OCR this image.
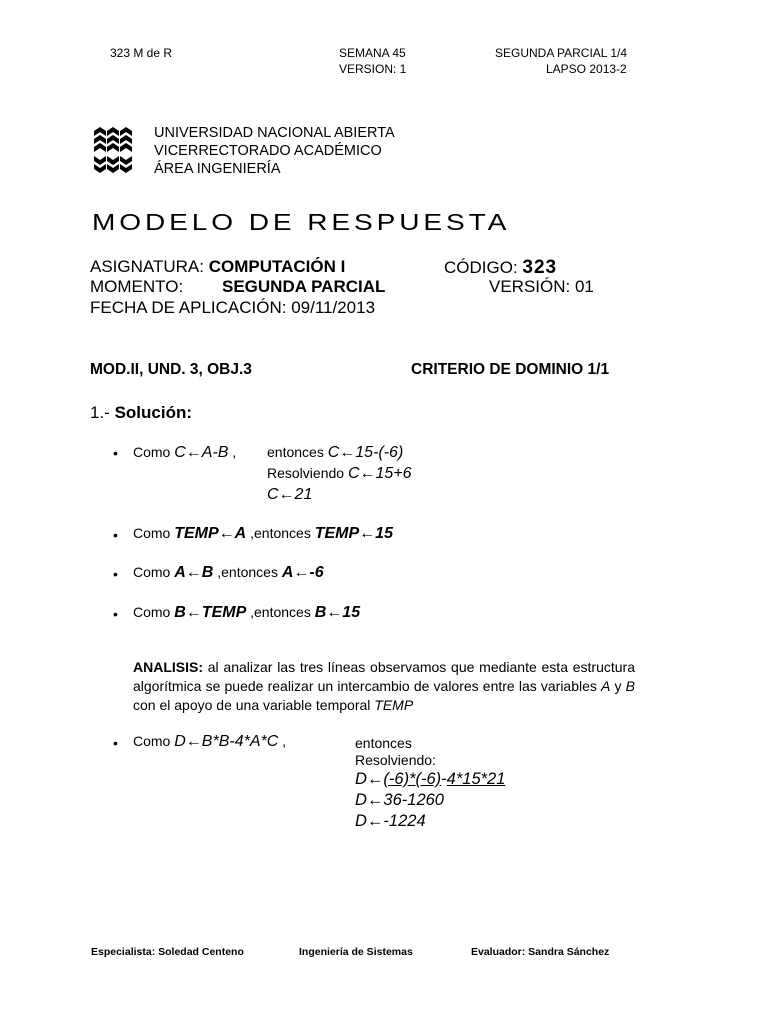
323 M de R	SEMANA 45
VERSION: 1
SEGUNDA PARCIAL 1/4
LAPSO 2013-2
UNIVERSIDAD NACIONAL ABIERTA
VICERRECTORADO ACADÉMICO
ÁREA INGENIERÍA
MODELO DE RESPUESTA
ASIGNATURA: COMPUTACIÓN I	CÓDIGO: 323
MOMENTO: SEGUNDA PARCIAL	VERSIÓN: 01
FECHA DE APLICACIÓN: 09/11/2013
MOD.II, UND. 3, OBJ.3	CRITERIO DE DOMINIO 1/1
1.- Solución:
• Como C←A-B , entonces C←15-(-6)
Resolviendo C←15+6
C←21
• Como TEMP←A ,entonces TEMP←15
• Como A←B ,entonces A←-6
• Como B←TEMP ,entonces B←15
ANALISIS: al analizar las tres líneas observamos que mediante esta estructura algorítmica se puede realizar un intercambio de valores entre las variables A y B con el apoyo de una variable temporal TEMP
• Como D←B*B-4*A*C ,	entonces
Resolviendo:
D←(-6)*(-6)-4*15*21
D←36-1260
D←-1224
Especialista: Soledad Centeno	Ingeniería de Sistemas	Evaluador: Sandra Sánchez
